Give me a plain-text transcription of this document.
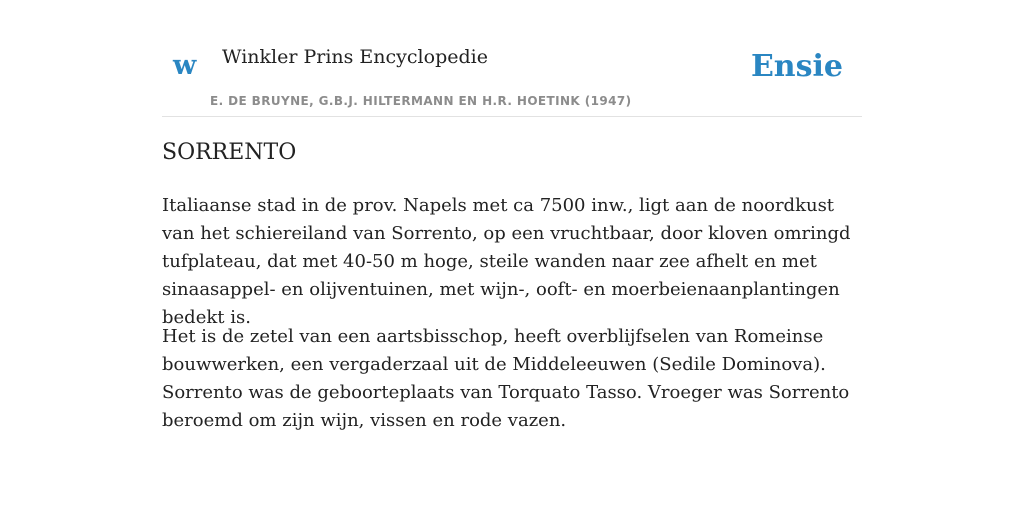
w Winkler Prins Encyclopedie
E. DE BRUYNE, G.B.J. HILTERMANN EN H.R. HOETINK (1947)
Ensie
SORRENTO

Italiaanse stad in de prov. Napels met ca 7500 inw., ligt aan de noordkust van het schiereiland van Sorrento, op een vruchtbaar, door kloven omringd tufplateau, dat met 40-50 m hoge, steile wanden naar zee afhelt en met sinaasappel- en olijventuinen, met wijn-, ooft- en moerbeienaanplantingen bedekt is.

Het is de zetel van een aartsbisschop, heeft overblijfselen van Romeinse bouwwerken, een vergaderzaal uit de Middeleeuwen (Sedile Dominova). Sorrento was de geboorteplaats van Torquato Tasso. Vroeger was Sorrento beroemd om zijn wijn, vissen en rode vazen.
